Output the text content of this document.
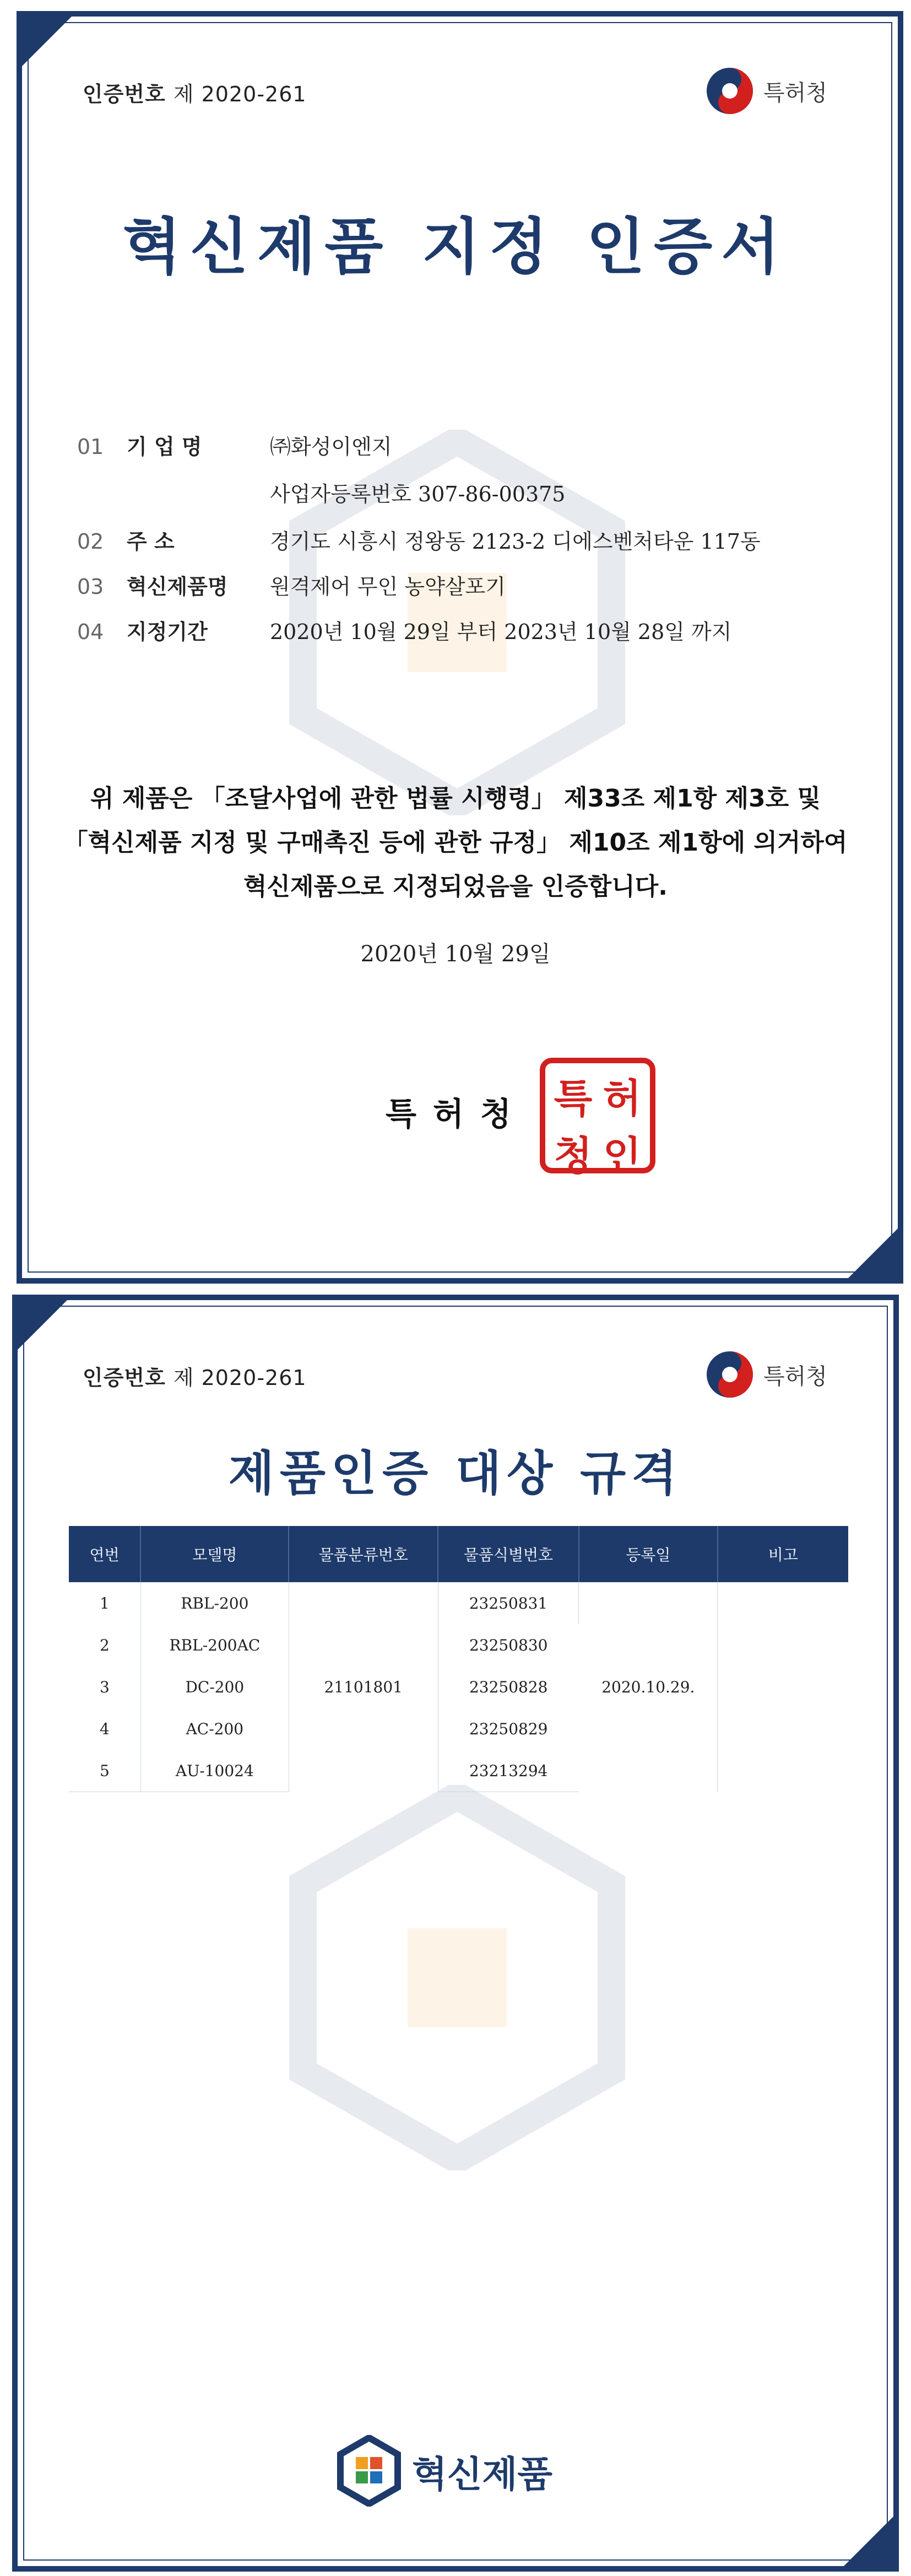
인증번호 제 2020-261	특허청
혁신제품 지정 인증서
01	기 업 명	㈜화성이엔지
사업자등록번호 307-86-00375
02	주 소	경기도 시흥시 정왕동 2123-2 디에스벤처타운 117동
03	혁신제품명	원격제어 무인 농약살포기
04	지정기간	2020년 10월 29일 부터 2023년 10월 28일 까지
위 제품은 「조달사업에 관한 법률 시행령」 제33조 제1항 제3호 및
「혁신제품 지정 및 구매촉진 등에 관한 규정」 제10조 제1항에 의거하여
혁신제품으로 지정되었음을 인증합니다.
2020년 10월 29일
특허청 특 허
청 인
인증번호 제 2020-261	특허청
제품인증 대상 규격
연번	모델명	물품분류번호	물품식별번호	등록일	비고
1	RBL-200	21101801	23250831	2020.10.29.	
2	RBL-200AC		23250830		
3	DC-200		23250828		
4	AC-200		23250829		
5	AU-10024		23213294		
혁신제품
